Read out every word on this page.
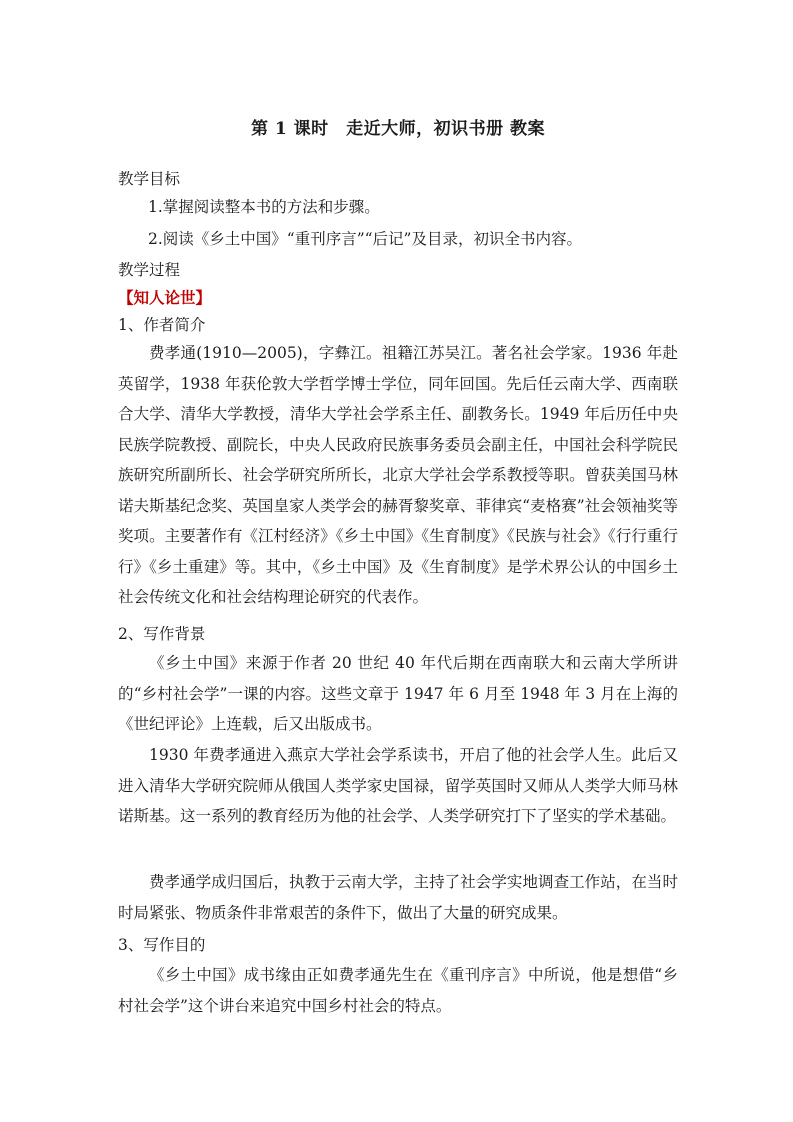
第 1 课时　走近大师，初识书册 教案
教学目标
1.掌握阅读整本书的方法和步骤。
2.阅读《乡土中国》“重刊序言”“后记”及目录，初识全书内容。
教学过程
【知人论世】
1、作者简介
费孝通(1910—2005)，字彝江。祖籍江苏吴江。著名社会学家。1936 年赴英留学，1938 年获伦敦大学哲学博士学位，同年回国。先后任云南大学、西南联合大学、清华大学教授，清华大学社会学系主任、副教务长。1949 年后历任中央民族学院教授、副院长，中央人民政府民族事务委员会副主任，中国社会科学院民族研究所副所长、社会学研究所所长，北京大学社会学系教授等职。曾获美国马林诺夫斯基纪念奖、英国皇家人类学会的赫胥黎奖章、菲律宾“麦格赛”社会领袖奖等奖项。主要著作有《江村经济》《乡土中国》《生育制度》《民族与社会》《行行重行行》《乡土重建》等。其中，《乡土中国》及《生育制度》是学术界公认的中国乡土社会传统文化和社会结构理论研究的代表作。
2、写作背景
《乡土中国》来源于作者 20 世纪 40 年代后期在西南联大和云南大学所讲的“乡村社会学”一课的内容。这些文章于 1947 年 6 月至 1948 年 3 月在上海的《世纪评论》上连载，后又出版成书。
1930 年费孝通进入燕京大学社会学系读书，开启了他的社会学人生。此后又进入清华大学研究院师从俄国人类学家史国禄，留学英国时又师从人类学大师马林诺斯基。这一系列的教育经历为他的社会学、人类学研究打下了坚实的学术基础。
费孝通学成归国后，执教于云南大学，主持了社会学实地调查工作站，在当时时局紧张、物质条件非常艰苦的条件下，做出了大量的研究成果。
3、写作目的
《乡土中国》成书缘由正如费孝通先生在《重刊序言》中所说，他是想借“乡村社会学”这个讲台来追究中国乡村社会的特点。
